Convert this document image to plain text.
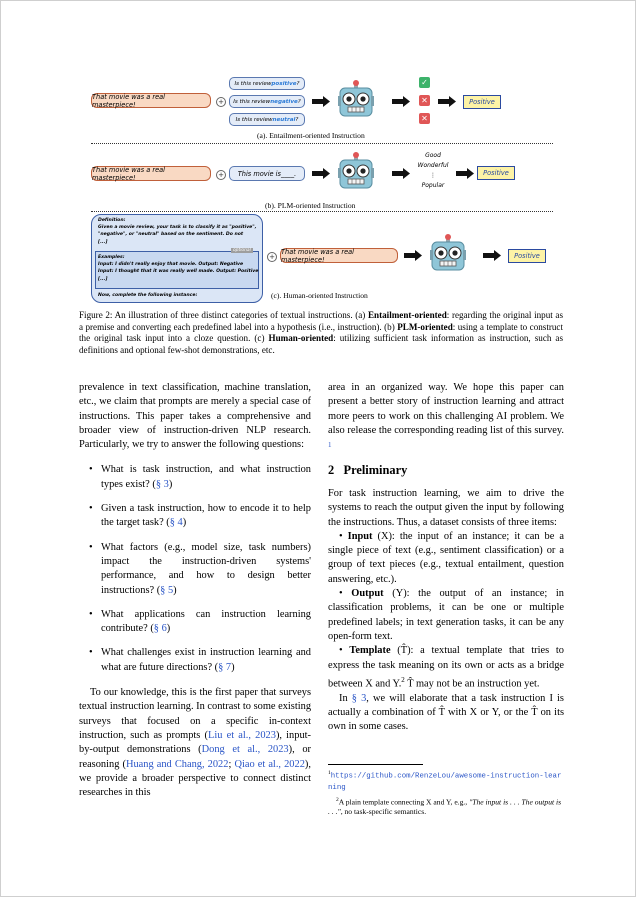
That movie was a real masterpiece!	+
Is this review positive ?
Is this review negative ?
Is this review neutral ?
✓
✕
✕
Positive
(a). Entailment-oriented Instruction
That movie was a real masterpiece!	+	This movie is____.
Good
Wonderful
⋮
Popular
Positive
(b). PLM-oriented Instruction
Definition:
Given a movie review, your task is to classify it as "positive",
"negative", or "neutral" based on the sentiment. Do not
[...]
optional
Examples:
Input: I didn't really enjoy that movie. Output: Negative
Input: I thought that it was really well made. Output: Positive
[...]
Now, complete the following instance:
+
That movie was a real masterpiece!	Positive
(c). Human-oriented Instruction
Figure 2: An illustration of three distinct categories of textual instructions. (a) Entailment-oriented: regarding the original input as a premise and converting each predefined label into a hypothesis (i.e., instruction). (b) PLM-oriented: using a template to construct the original task input into a cloze question. (c) Human-oriented: utilizing sufficient task information as instruction, such as definitions and optional few-shot demonstrations, etc.

prevalence in text classification, machine translation, etc., we claim that prompts are merely a special case of instructions. This paper takes a comprehensive and broader view of instruction-driven NLP research. Particularly, we try to answer the following questions:

• What is task instruction, and what instruction types exist? (§ 3)
• Given a task instruction, how to encode it to help the target task? (§ 4)
• What factors (e.g., model size, task numbers) impact the instruction-driven systems' performance, and how to design better instructions? (§ 5)
• What applications can instruction learning contribute? (§ 6)
• What challenges exist in instruction learning and what are future directions? (§ 7)

To our knowledge, this is the first paper that surveys textual instruction learning. In contrast to some existing surveys that focused on a specific in-context instruction, such as prompts (Liu et al., 2023), input-by-output demonstrations (Dong et al., 2023), or reasoning (Huang and Chang, 2022; Qiao et al., 2022), we provide a broader perspective to connect distinct researches in this

area in an organized way. We hope this paper can present a better story of instruction learning and attract more peers to work on this challenging AI problem. We also release the corresponding reading list of this survey. $^1$

2 Preliminary

For task instruction learning, we aim to drive the systems to reach the output given the input by following the instructions. Thus, a dataset consists of three items:

• Input (X): the input of an instance; it can be a single piece of text (e.g., sentiment classification) or a group of text pieces (e.g., textual entailment, question answering, etc.).

• Output (Y): the output of an instance; in classification problems, it can be one or multiple predefined labels; in text generation tasks, it can be any open-form text.

• Template (T̂): a textual template that tries to express the task meaning on its own or acts as a bridge between X and Y.$^2$ T̂ may not be an instruction yet.

In § 3, we will elaborate that a task instruction I is actually a combination of T̂ with X or Y, or the T̂ on its own in some cases.

$^1$https://github.com/RenzeLou/awesome-instruction-learning
$^2$A plain template connecting X and Y, e.g., "The input is . . . The output is . . .", no task-specific semantics.
